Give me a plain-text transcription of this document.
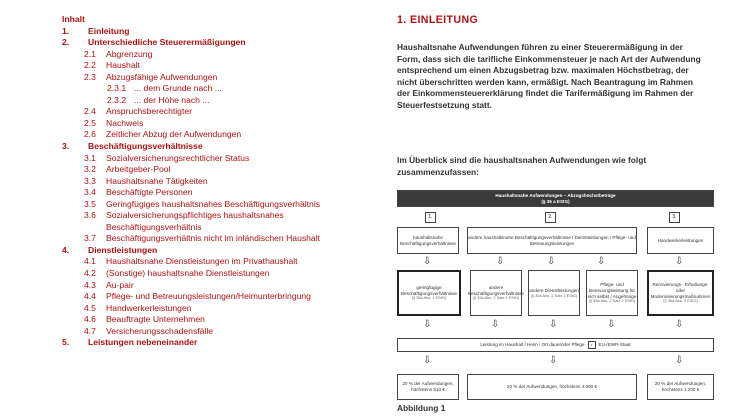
Inhalt
1.	Einleitung
2.	Unterschiedliche Steuerermäßigungen
2.1	Abgrenzung
2.2	Haushalt
2.3	Abzugsfähige Aufwendungen
2.3.1 ... dem Grunde nach ...
2.3.2 ... der Höhe nach ...
2.4	Anspruchsberechtigter
2.5	Nachweis
2.6	Zeitlicher Abzug der Aufwendungen
3.	Beschäftigungsverhältnisse
3.1	Sozialversicherungsrechtlicher Status
3.2	Arbeitgeber-Pool
3.3	Haushaltsnahe Tätigkeiten
3.4	Beschäftigte Personen
3.5	Geringfügiges haushaltsnahes Beschäftigungsverhältnis
3.6	Sozialversicherungspflichtiges haushaltsnahes
Beschäftigungsverhältnis
3.7	Beschäftigungsverhältnis nicht im inländischen Haushalt
4.	Dienstleistungen
4.1	Haushaltsnahe Dienstleistungen im Privathaushalt
4.2	(Sonstige) haushaltsnahe Dienstleistungen
4.3	Au-pair
4.4	Pflege- und Betreuungsleistungen/Heimunterbringung
4.5	Handwerkerleistungen
4.6	Beauftragte Unternehmen
4.7	Versicherungsschadensfälle
5.	Leistungen nebeneinander
1. EINLEITUNG

Haushaltsnahe Aufwendungen führen zu einer Steuerermäßigung in der Form, dass sich die tarifliche Einkommensteuer je nach Art der Aufwendung entsprechend um einen Abzugsbetrag bzw. maximalen Höchstbetrag, der nicht überschritten werden kann, ermäßigt. Nach Beantragung im Rahmen der Einkommensteuererklärung findet die Tarifermäßigung im Rahmen der Steuerfestsetzung statt.

Im Überblick sind die haushaltsnahen Aufwendungen wie folgt zusammenzufassen:

Haushaltsnahe Aufwendungen – Abzugshöchstbeträge
(§ 35 a EStG)
1.	2.	3.
haushaltsnahe Beschäftigungsverhältnisse
andere haushaltsnahe Beschäftigungsverhältnisse / Dienstleistungen / Pflege- und Betreuungsleistungen
Handwerkerleistungen
⇩	⇩	⇩	⇩	⇩
geringfügige Beschäftigungsverhältnisse
(§ 35a Abs. 1 EStG)
andere Beschäftigungsverhältnisse
(§ 35a Abs. 2 Satz 1 EStG)
andere Dienstleistungen
(§ 35a Abs. 2 Satz 1 EStG)
Pflege- und Betreuungsleistung für sich selbst / Angehörige
(§ 35a Abs. 2 Satz 2 EStG)
Renovierungs-, Erhaltungs- oder Modernisierungsmaßnahmen
(§ 35a Abs. 3 EStG)
⇩	⇩	⇩	⇩	⇩
Leistung im Haushalt / Heim / Ort dauernder Pflege	×	EU-/EWR-Staat
⇩	⇩	⇩
20 % der Aufwendungen, höchstens 510 €
20 % der Aufwendungen, höchstens 4.000 €
20 % der Aufwendungen, höchstens 1.200 €
Abbildung 1
